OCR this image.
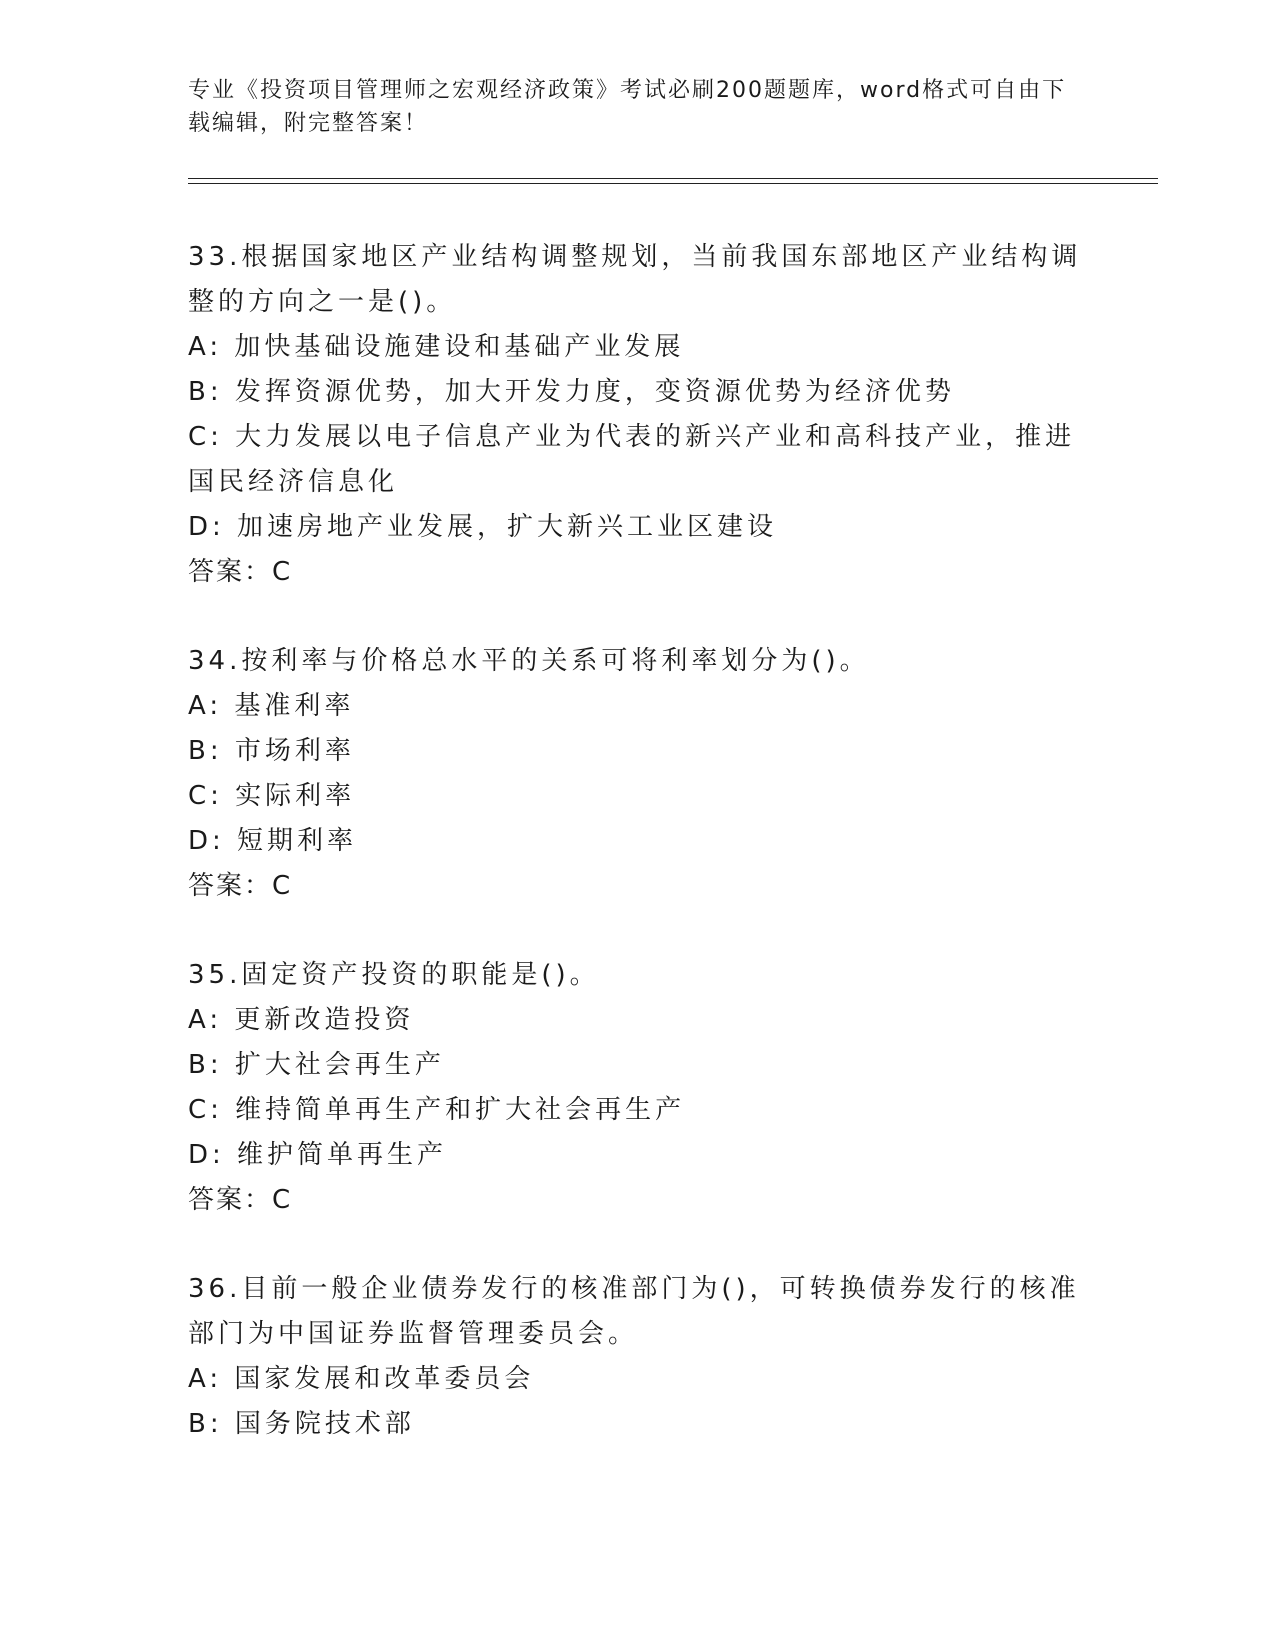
专业《投资项目管理师之宏观经济政策》考试必刷200题题库，word格式可自由下载编辑，附完整答案！
33.根据国家地区产业结构调整规划，当前我国东部地区产业结构调整的方向之一是()。
A: 加快基础设施建设和基础产业发展
B: 发挥资源优势，加大开发力度，变资源优势为经济优势
C: 大力发展以电子信息产业为代表的新兴产业和高科技产业，推进国民经济信息化
D: 加速房地产业发展，扩大新兴工业区建设
答案：C
34.按利率与价格总水平的关系可将利率划分为()。
A: 基准利率
B: 市场利率
C: 实际利率
D: 短期利率
答案：C
35.固定资产投资的职能是()。
A: 更新改造投资
B: 扩大社会再生产
C: 维持简单再生产和扩大社会再生产
D: 维护简单再生产
答案：C
36.目前一般企业债券发行的核准部门为()，可转换债券发行的核准部门为中国证券监督管理委员会。
A: 国家发展和改革委员会
B: 国务院技术部
